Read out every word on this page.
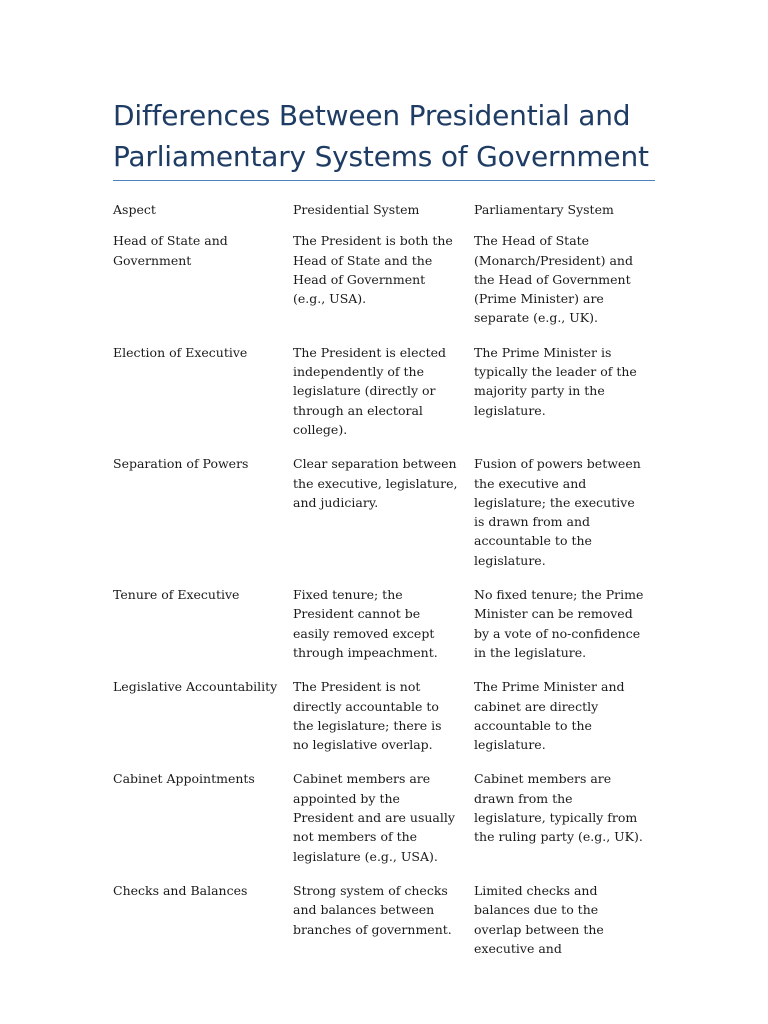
Differences Between Presidential and Parliamentary Systems of Government
Aspect	Presidential System	Parliamentary System
Head of State and Government	The President is both the Head of State and the Head of Government (e.g., USA).	The Head of State (Monarch/President) and the Head of Government (Prime Minister) are separate (e.g., UK).
Election of Executive	The President is elected independently of the legislature (directly or through an electoral college).	The Prime Minister is typically the leader of the majority party in the legislature.
Separation of Powers	Clear separation between the executive, legislature, and judiciary.	Fusion of powers between the executive and legislature; the executive is drawn from and accountable to the legislature.
Tenure of Executive	Fixed tenure; the President cannot be easily removed except through impeachment.	No fixed tenure; the Prime Minister can be removed by a vote of no-confidence in the legislature.
Legislative Accountability	The President is not directly accountable to the legislature; there is no legislative overlap.	The Prime Minister and cabinet are directly accountable to the legislature.
Cabinet Appointments	Cabinet members are appointed by the President and are usually not members of the legislature (e.g., USA).	Cabinet members are drawn from the legislature, typically from the ruling party (e.g., UK).
Checks and Balances	Strong system of checks and balances between branches of government.	Limited checks and balances due to the overlap between the executive and
